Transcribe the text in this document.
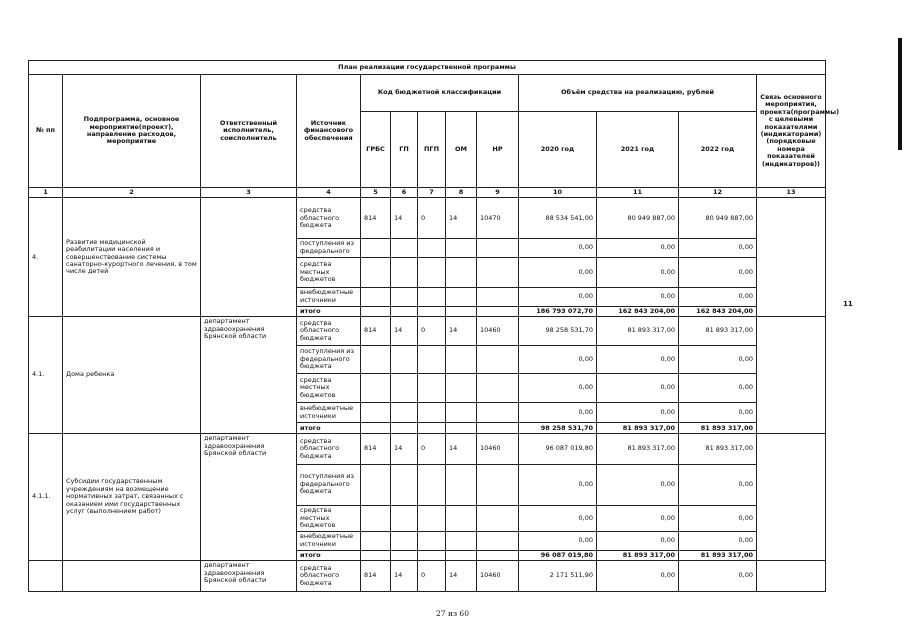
План реализации государственной программы												
№ пп	Подпрограмма, основное мероприятие(проект), направление расходов, мероприятие	Ответственный исполнитель, соисполнитель	Источник финансового обеспечения	Код бюджетной классификации					Объём средства на реализацию, рублей			Связь основного мероприятия, проекта(программы) с целевыми показателями (индикаторами) (порядковые номера показателей (индикаторов))
				ГРБС	ГП	ПГП	ОМ	НР	2020 год	2021 год	2022 год	
1	2	3	4	5	6	7	8	9	10	11	12	13
4.	Развитие медицинской реабилитации населения и совершенствование системы санаторно-курортного лечения, в том числе детей		средства областного бюджета	814	14	0	14	10470	88 534 541,00	80 949 887,00	80 949 887,00	
			поступления из федерального						0,00	0,00	0,00	
			средства местных бюджетов						0,00	0,00	0,00	
			внебюджетные источники						0,00	0,00	0,00	
			итого						186 793 072,70	162 843 204,00	162 843 204,00	
4.1.	Дома ребенка	департамент здравоохранения Брянской области	средства областного бюджета	814	14	0	14	10460	98 258 531,70	81 893 317,00	81 893 317,00	
			поступления из федерального бюджета						0,00	0,00	0,00	
			средства местных бюджетов						0,00	0,00	0,00	
			внебюджетные источники						0,00	0,00	0,00	
			итого						98 258 531,70	81 893 317,00	81 893 317,00	
4.1.1.	Субсидии государственным учреждениям на возмещение нормативных затрат, связанных с оказанием ими государственных услуг (выполнением работ)	департамент здравоохранения Брянской области	средства областного бюджета	814	14	0	14	10460	96 087 019,80	81 893 317,00	81 893 317,00	
			поступления из федерального бюджета						0,00	0,00	0,00	
			средства местных бюджетов						0,00	0,00	0,00	
			внебюджетные источники						0,00	0,00	0,00	
			итого						96 087 019,80	81 893 317,00	81 893 317,00	
		департамент здравоохранения Брянской области	средства областного бюджета	814	14	0	14	10460	2 171 511,90	0,00	0,00	
11
27 из 60
